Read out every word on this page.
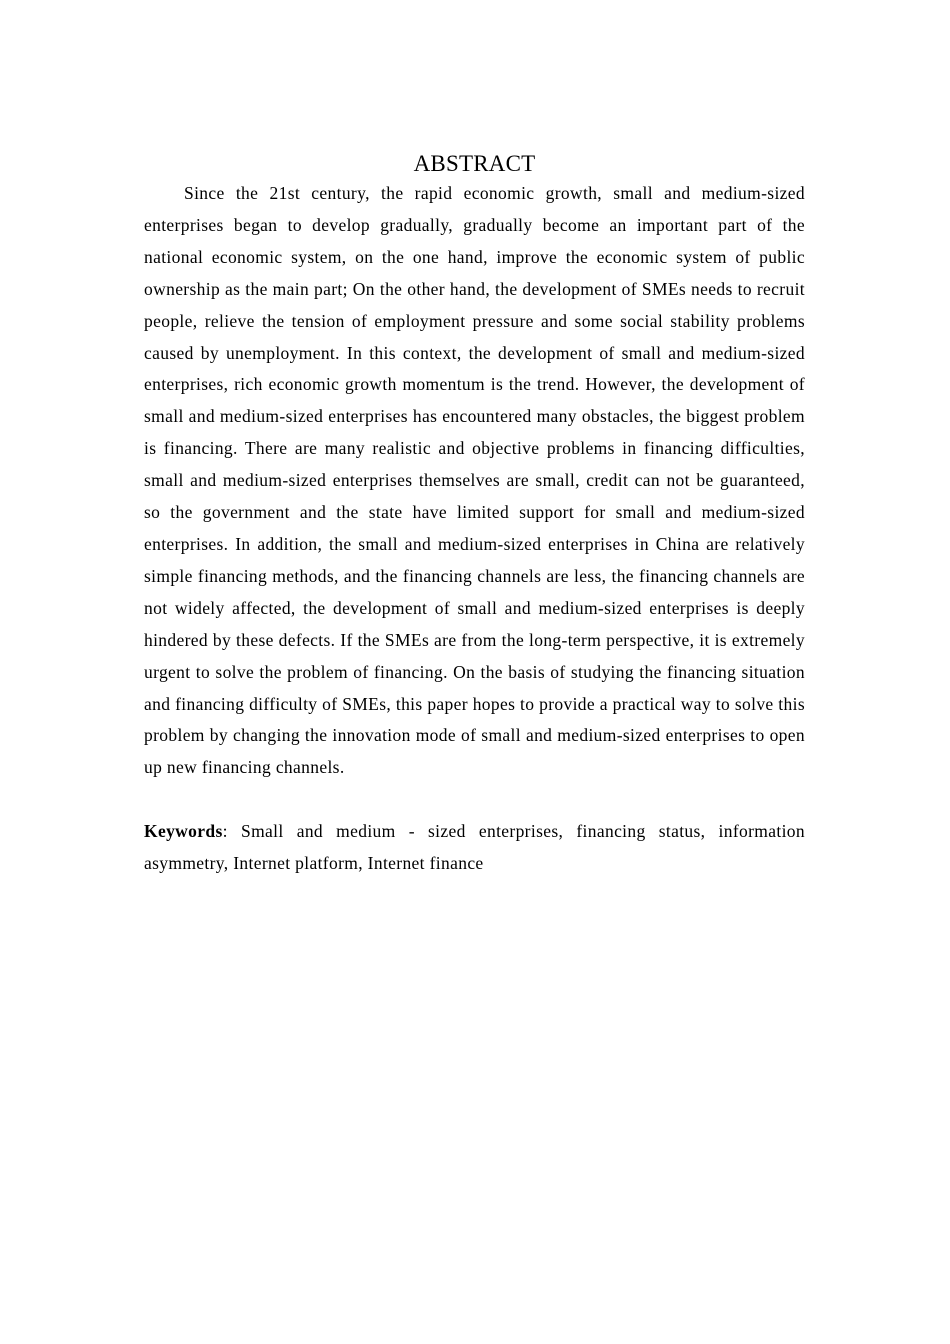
ABSTRACT

Since the 21st century, the rapid economic growth, small and medium-sized enterprises began to develop gradually, gradually become an important part of the national economic system, on the one hand, improve the economic system of public ownership as the main part; On the other hand, the development of SMEs needs to recruit people, relieve the tension of employment pressure and some social stability problems caused by unemployment. In this context, the development of small and medium-sized enterprises, rich economic growth momentum is the trend. However, the development of small and medium-sized enterprises has encountered many obstacles, the biggest problem is financing. There are many realistic and objective problems in financing difficulties, small and medium-sized enterprises themselves are small, credit can not be guaranteed, so the government and the state have limited support for small and medium-sized enterprises. In addition, the small and medium-sized enterprises in China are relatively simple financing methods, and the financing channels are less, the financing channels are not widely affected, the development of small and medium-sized enterprises is deeply hindered by these defects. If the SMEs are from the long-term perspective, it is extremely urgent to solve the problem of financing. On the basis of studying the financing situation and financing difficulty of SMEs, this paper hopes to provide a practical way to solve this problem by changing the innovation mode of small and medium-sized enterprises to open up new financing channels.

Keywords: Small and medium - sized enterprises, financing status, information asymmetry, Internet platform, Internet finance
